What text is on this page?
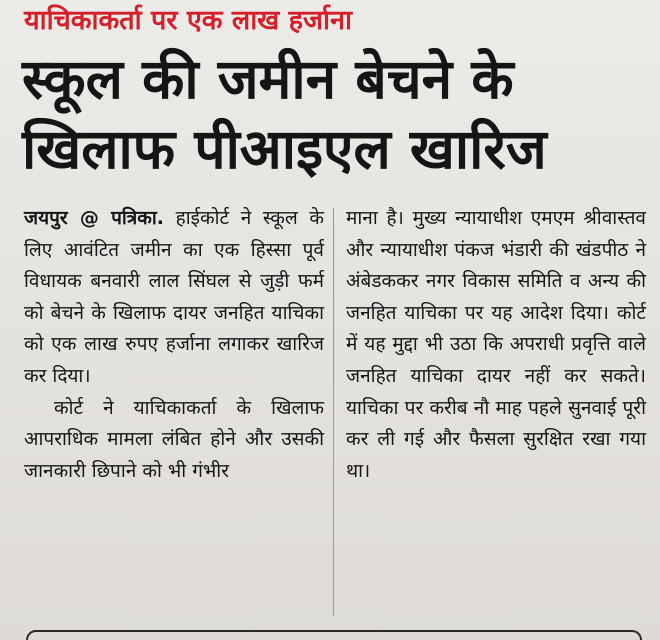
याचिकाकर्ता पर एक लाख हर्जाना
स्कूल की जमीन बेचने के
खिलाफ पीआइएल खारिज

जयपुर @ पत्रिका. हाईकोर्ट ने स्कूल के लिए आवंटित जमीन का एक हिस्सा पूर्व विधायक बनवारी लाल सिंघल से जुड़ी फर्म को बेचने के खिलाफ दायर जनहित याचिका को एक लाख रुपए हर्जाना लगाकर खारिज कर दिया।

कोर्ट ने याचिकाकर्ता के खिलाफ आपराधिक मामला लंबित होने और उसकी जानकारी छिपाने को भी गंभीर

माना है। मुख्य न्यायाधीश एमएम श्रीवास्तव और न्यायाधीश पंकज भंडारी की खंडपीठ ने अंबेडककर नगर विकास समिति व अन्य की जनहित याचिका पर यह आदेश दिया। कोर्ट में यह मुद्दा भी उठा कि अपराधी प्रवृत्ति वाले जनहित याचिका दायर नहीं कर सकते। याचिका पर करीब नौ माह पहले सुनवाई पूरी कर ली गई और फैसला सुरक्षित रखा गया था।
